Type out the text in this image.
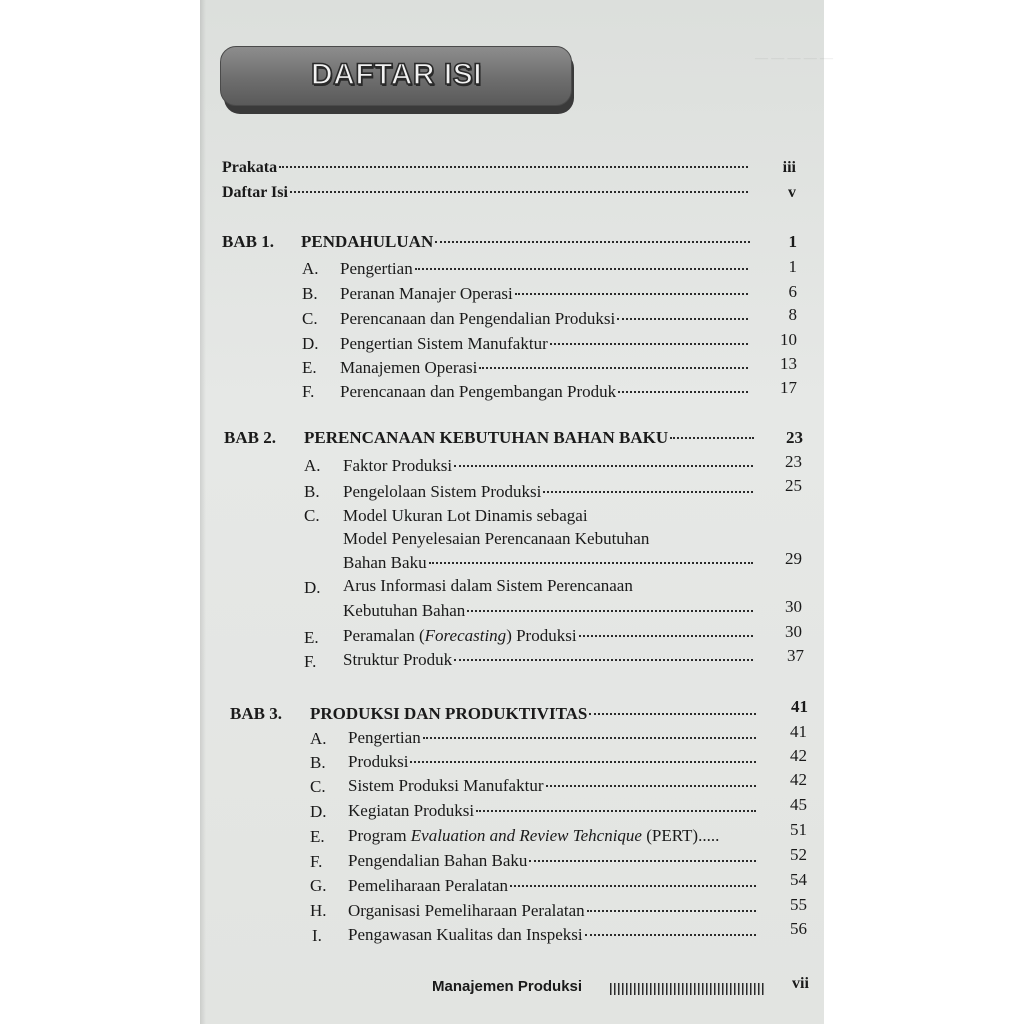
— — — — —
DAFTAR ISI
Prakata	iii
Daftar Isi	v
BAB 1. PENDAHULUAN	1
A. Pengertian	1
B. Peranan Manajer Operasi	6
C. Perencanaan dan Pengendalian Produksi	8
D. Pengertian Sistem Manufaktur	10
E. Manajemen Operasi	13
F. Perencanaan dan Pengembangan Produk	17
BAB 2. PERENCANAAN KEBUTUHAN BAHAN BAKU	23
A. Faktor Produksi	23
B. Pengelolaan Sistem Produksi	25
C. Model Ukuran Lot Dinamis sebagai
Model Penyelesaian Perencanaan Kebutuhan
Bahan Baku	29
D. Arus Informasi dalam Sistem Perencanaan
Kebutuhan Bahan	30
E. Peramalan (Forecasting) Produksi	30
F. Struktur Produk	37
BAB 3. PRODUKSI DAN PRODUKTIVITAS	41
A. Pengertian	41
B. Produksi	42
C. Sistem Produksi Manufaktur	42
D. Kegiatan Produksi	45
E. Program Evaluation and Review Tehcnique (PERT).....	51
F. Pengendalian Bahan Baku	52
G. Pemeliharaan Peralatan	54
H. Organisasi Pemeliharaan Peralatan	55
I. Pengawasan Kualitas dan Inspeksi	56
Manajemen Produksi	vii
